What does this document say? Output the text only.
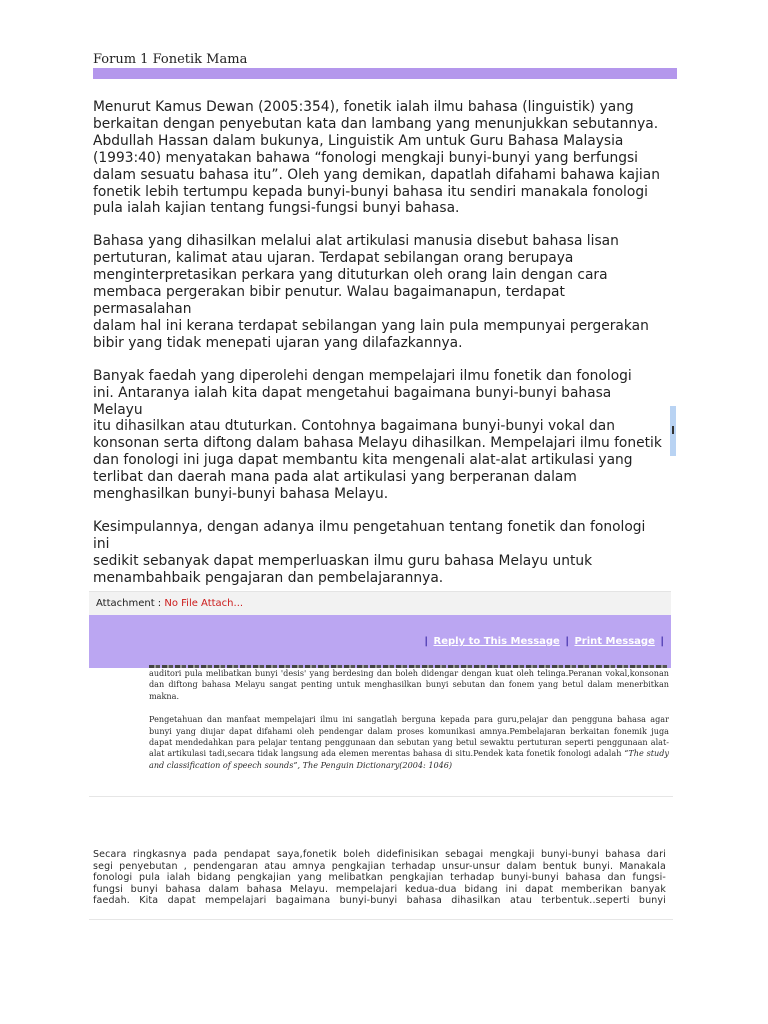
Forum 1 Fonetik Mama

Menurut Kamus Dewan (2005:354), fonetik ialah ilmu bahasa (linguistik) yang
berkaitan dengan penyebutan kata dan lambang yang menunjukkan sebutannya.
Abdullah Hassan dalam bukunya, Linguistik Am untuk Guru Bahasa Malaysia
(1993:40) menyatakan bahawa “fonologi mengkaji bunyi-bunyi yang berfungsi
dalam sesuatu bahasa itu”. Oleh yang demikan, dapatlah difahami bahawa kajian
fonetik lebih tertumpu kepada bunyi-bunyi bahasa itu sendiri manakala fonologi
pula ialah kajian tentang fungsi-fungsi bunyi bahasa.

Bahasa yang dihasilkan melalui alat artikulasi manusia disebut bahasa lisan
pertuturan, kalimat atau ujaran. Terdapat sebilangan orang berupaya
menginterpretasikan perkara yang dituturkan oleh orang lain dengan cara
membaca pergerakan bibir penutur. Walau bagaimanapun, terdapat permasalahan
dalam hal ini kerana terdapat sebilangan yang lain pula mempunyai pergerakan
bibir yang tidak menepati ujaran yang dilafazkannya.

Banyak faedah yang diperolehi dengan mempelajari ilmu fonetik dan fonologi
ini. Antaranya ialah kita dapat mengetahui bagaimana bunyi-bunyi bahasa Melayu
itu dihasilkan atau dtuturkan. Contohnya bagaimana bunyi-bunyi vokal dan
konsonan serta diftong dalam bahasa Melayu dihasilkan. Mempelajari ilmu fonetik
dan fonologi ini juga dapat membantu kita mengenali alat-alat artikulasi yang
terlibat dan daerah mana pada alat artikulasi yang berperanan dalam
menghasilkan bunyi-bunyi bahasa Melayu.

Kesimpulannya, dengan adanya ilmu pengetahuan tentang fonetik dan fonologi ini
sedikit sebanyak dapat memperluaskan ilmu guru bahasa Melayu untuk
menambahbaik pengajaran dan pembelajarannya.

Attachment : No File Attach...
| Reply to This Message | Print Message |

auditori pula melibatkan bunyi 'desis' yang berdesing dan boleh didengar dengan kuat oleh telinga.Peranan vokal,konsonan dan diftong bahasa Melayu sangat penting untuk menghasilkan bunyi sebutan dan fonem yang betul dalam menerbitkan makna.

Pengetahuan dan manfaat mempelajari ilmu ini sangatlah berguna kepada para guru,pelajar dan pengguna bahasa agar bunyi yang diujar dapat difahami oleh pendengar dalam proses komunikasi amnya.Pembelajaran berkaitan fonemik juga dapat mendedahkan para pelajar tentang penggunaan dan sebutan yang betul sewaktu pertuturan seperti penggunaan alat-alat artikulasi tadi,secara tidak langsung ada elemen merentas bahasa di situ.Pendek kata fonetik fonologi adalah “The study and classification of speech sounds”, The Penguin Dictionary(2004: 1046)

Secara ringkasnya pada pendapat saya,fonetik boleh didefinisikan sebagai mengkaji bunyi-bunyi bahasa dari
segi penyebutan , pendengaran atau amnya pengkajian terhadap unsur-unsur dalam bentuk bunyi. Manakala
fonologi pula ialah bidang pengkajian yang melibatkan pengkajian terhadap bunyi-bunyi bahasa dan fungsi-
fungsi bunyi bahasa dalam bahasa Melayu. mempelajari kedua-dua bidang ini dapat memberikan banyak
faedah. Kita dapat mempelajari bagaimana bunyi-bunyi bahasa dihasilkan atau terbentuk..seperti bunyi
